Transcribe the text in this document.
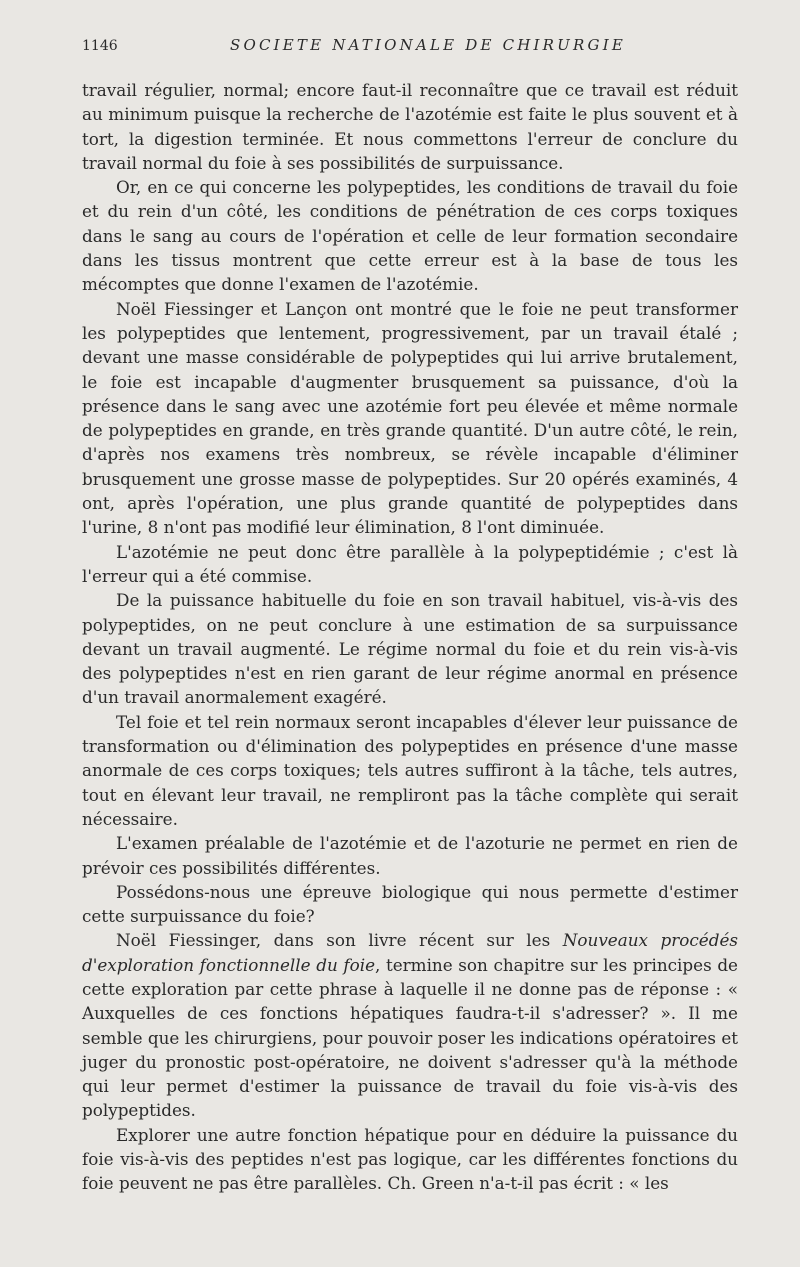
1146	SOCIETE NATIONALE DE CHIRURGIE

travail régulier, normal; encore faut-il reconnaître que ce travail est réduit au minimum puisque la recherche de l'azotémie est faite le plus souvent et à tort, la digestion terminée. Et nous commettons l'erreur de conclure du travail normal du foie à ses possibilités de surpuissance.

Or, en ce qui concerne les polypeptides, les conditions de travail du foie et du rein d'un côté, les conditions de pénétration de ces corps toxiques dans le sang au cours de l'opération et celle de leur formation secondaire dans les tissus montrent que cette erreur est à la base de tous les mécomptes que donne l'examen de l'azotémie.

Noël Fiessinger et Lançon ont montré que le foie ne peut transformer les polypeptides que lentement, progressivement, par un travail étalé ; devant une masse considérable de polypeptides qui lui arrive brutalement, le foie est incapable d'augmenter brusquement sa puissance, d'où la présence dans le sang avec une azotémie fort peu élevée et même normale de polypeptides en grande, en très grande quantité. D'un autre côté, le rein, d'après nos examens très nombreux, se révèle incapable d'éliminer brusquement une grosse masse de polypeptides. Sur 20 opérés examinés, 4 ont, après l'opération, une plus grande quantité de polypeptides dans l'urine, 8 n'ont pas modifié leur élimination, 8 l'ont diminuée.

L'azotémie ne peut donc être parallèle à la polypeptidémie ; c'est là l'erreur qui a été commise.

De la puissance habituelle du foie en son travail habituel, vis-à-vis des polypeptides, on ne peut conclure à une estimation de sa surpuissance devant un travail augmenté. Le régime normal du foie et du rein vis-à-vis des polypeptides n'est en rien garant de leur régime anormal en présence d'un travail anormalement exagéré.

Tel foie et tel rein normaux seront incapables d'élever leur puissance de transformation ou d'élimination des polypeptides en présence d'une masse anormale de ces corps toxiques; tels autres suffiront à la tâche, tels autres, tout en élevant leur travail, ne rempliront pas la tâche complète qui serait nécessaire.

L'examen préalable de l'azotémie et de l'azoturie ne permet en rien de prévoir ces possibilités différentes.

Possédons-nous une épreuve biologique qui nous permette d'estimer cette surpuissance du foie?

Noël Fiessinger, dans son livre récent sur les Nouveaux procédés d'exploration fonctionnelle du foie, termine son chapitre sur les principes de cette exploration par cette phrase à laquelle il ne donne pas de réponse : « Auxquelles de ces fonctions hépatiques faudra-t-il s'adresser? ». Il me semble que les chirurgiens, pour pouvoir poser les indications opératoires et juger du pronostic post-opératoire, ne doivent s'adresser qu'à la méthode qui leur permet d'estimer la puissance de travail du foie vis-à-vis des polypeptides.

Explorer une autre fonction hépatique pour en déduire la puissance du foie vis-à-vis des peptides n'est pas logique, car les différentes fonctions du foie peuvent ne pas être parallèles. Ch. Green n'a-t-il pas écrit : « les
